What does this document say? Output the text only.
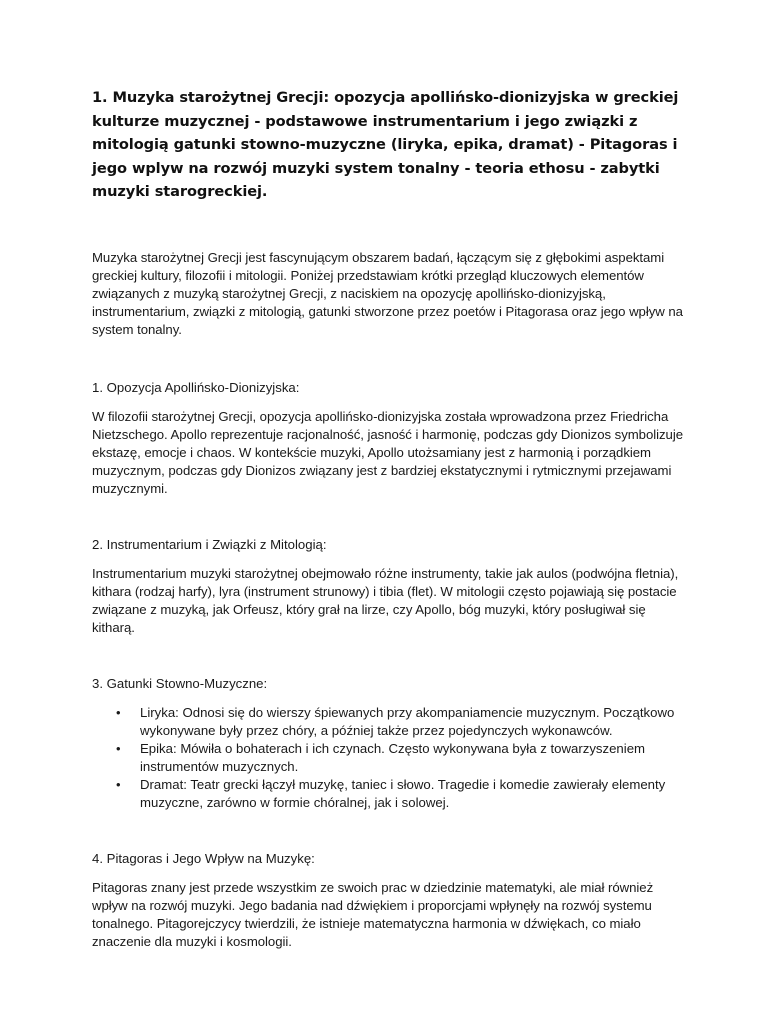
1. Muzyka starożytnej Grecji: opozycja apollińsko-dionizyjska w greckiej kulturze muzycznej - podstawowe instrumentarium i jego związki z mitologią gatunki stowno-muzyczne (liryka, epika, dramat) - Pitagoras i jego wplyw na rozwój muzyki system tonalny - teoria ethosu - zabytki muzyki starogreckiej.

Muzyka starożytnej Grecji jest fascynującym obszarem badań, łączącym się z głębokimi aspektami greckiej kultury, filozofii i mitologii. Poniżej przedstawiam krótki przegląd kluczowych elementów związanych z muzyką starożytnej Grecji, z naciskiem na opozycję apollińsko-dionizyjską, instrumentarium, związki z mitologią, gatunki stworzone przez poetów i Pitagorasa oraz jego wpływ na system tonalny.

1. Opozycja Apollińsko-Dionizyjska:

W filozofii starożytnej Grecji, opozycja apollińsko-dionizyjska została wprowadzona przez Friedricha Nietzschego. Apollo reprezentuje racjonalność, jasność i harmonię, podczas gdy Dionizos symbolizuje ekstazę, emocje i chaos. W kontekście muzyki, Apollo utożsamiany jest z harmonią i porządkiem muzycznym, podczas gdy Dionizos związany jest z bardziej ekstatycznymi i rytmicznymi przejawami muzycznymi.

2. Instrumentarium i Związki z Mitologią:

Instrumentarium muzyki starożytnej obejmowało różne instrumenty, takie jak aulos (podwójna fletnia), kithara (rodzaj harfy), lyra (instrument strunowy) i tibia (flet). W mitologii często pojawiają się postacie związane z muzyką, jak Orfeusz, który grał na lirze, czy Apollo, bóg muzyki, który posługiwał się kitharą.

3. Gatunki Stowno-Muzyczne:

• Liryka: Odnosi się do wierszy śpiewanych przy akompaniamencie muzycznym. Początkowo wykonywane były przez chóry, a później także przez pojedynczych wykonawców.
• Epika: Mówiła o bohaterach i ich czynach. Często wykonywana była z towarzyszeniem instrumentów muzycznych.
• Dramat: Teatr grecki łączył muzykę, taniec i słowo. Tragedie i komedie zawierały elementy muzyczne, zarówno w formie chóralnej, jak i solowej.

4. Pitagoras i Jego Wpływ na Muzykę:

Pitagoras znany jest przede wszystkim ze swoich prac w dziedzinie matematyki, ale miał również wpływ na rozwój muzyki. Jego badania nad dźwiękiem i proporcjami wpłynęły na rozwój systemu tonalnego. Pitagorejczycy twierdzili, że istnieje matematyczna harmonia w dźwiękach, co miało znaczenie dla muzyki i kosmologii.
